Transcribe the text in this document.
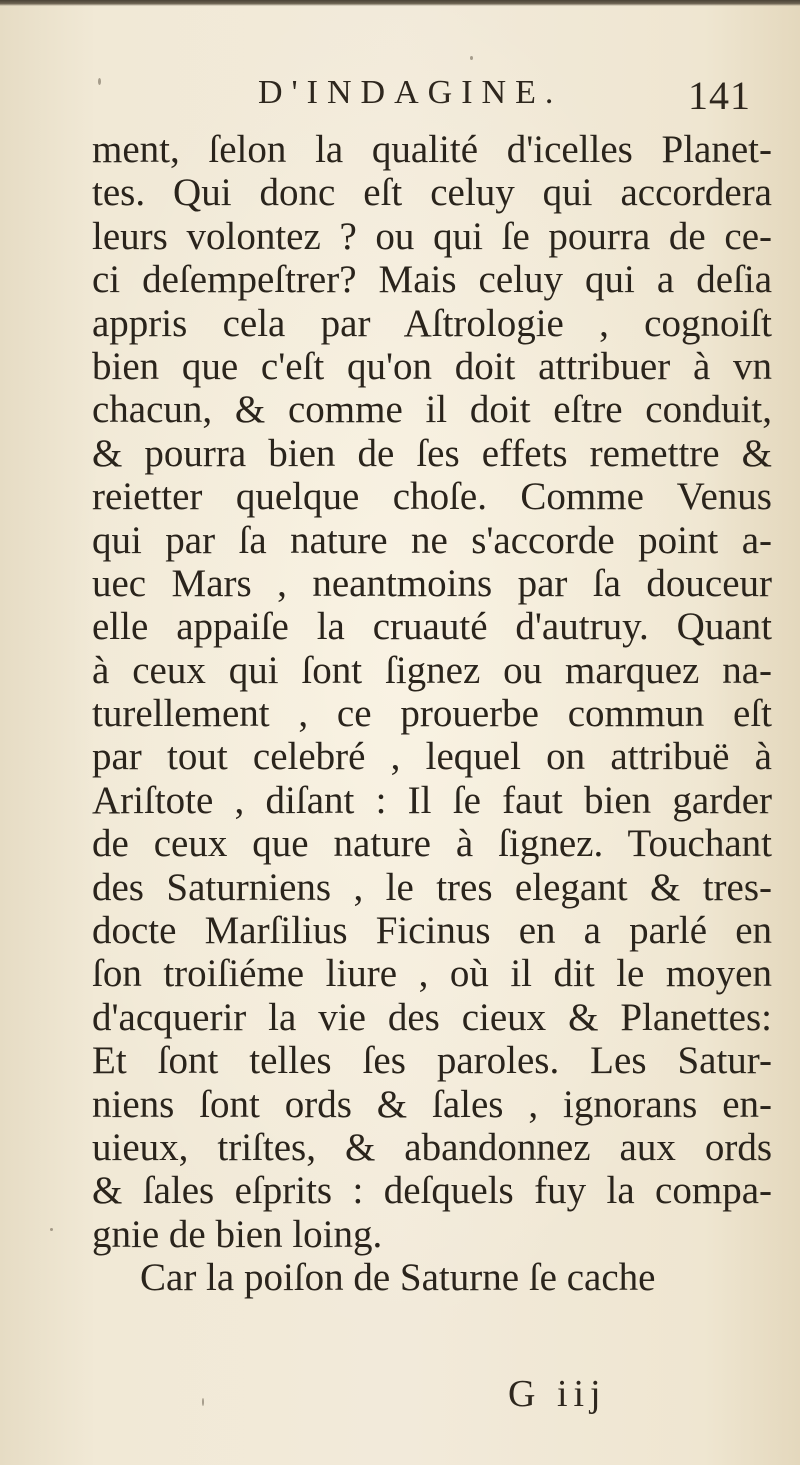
D'INDAGINE.	141
ment, ſelon la qualité d'icelles Planet-
tes. Qui donc eſt celuy qui accordera
leurs volontez ? ou qui ſe pourra de ce-
ci deſempeſtrer? Mais celuy qui a deſia
appris cela par Aſtrologie , cognoiſt
bien que c'eſt qu'on doit attribuer à vn
chacun, & comme il doit eſtre conduit,
& pourra bien de ſes effets remettre &
reietter quelque choſe. Comme Venus
qui par ſa nature ne s'accorde point a-
uec Mars , neantmoins par ſa douceur
elle appaiſe la cruauté d'autruy. Quant
à ceux qui ſont ſignez ou marquez na-
turellement , ce prouerbe commun eſt
par tout celebré , lequel on attribuë à
Ariſtote , diſant : Il ſe faut bien garder
de ceux que nature à ſignez. Touchant
des Saturniens , le tres elegant & tres-
docte Marſilius Ficinus en a parlé en
ſon troiſiéme liure , où il dit le moyen
d'acquerir la vie des cieux & Planettes:
Et ſont telles ſes paroles. Les Satur-
niens ſont ords & ſales , ignorans en-
uieux, triſtes, & abandonnez aux ords
& ſales eſprits : deſquels fuy la compa-
gnie de bien loing.
Car la poiſon de Saturne ſe cache
G iij
